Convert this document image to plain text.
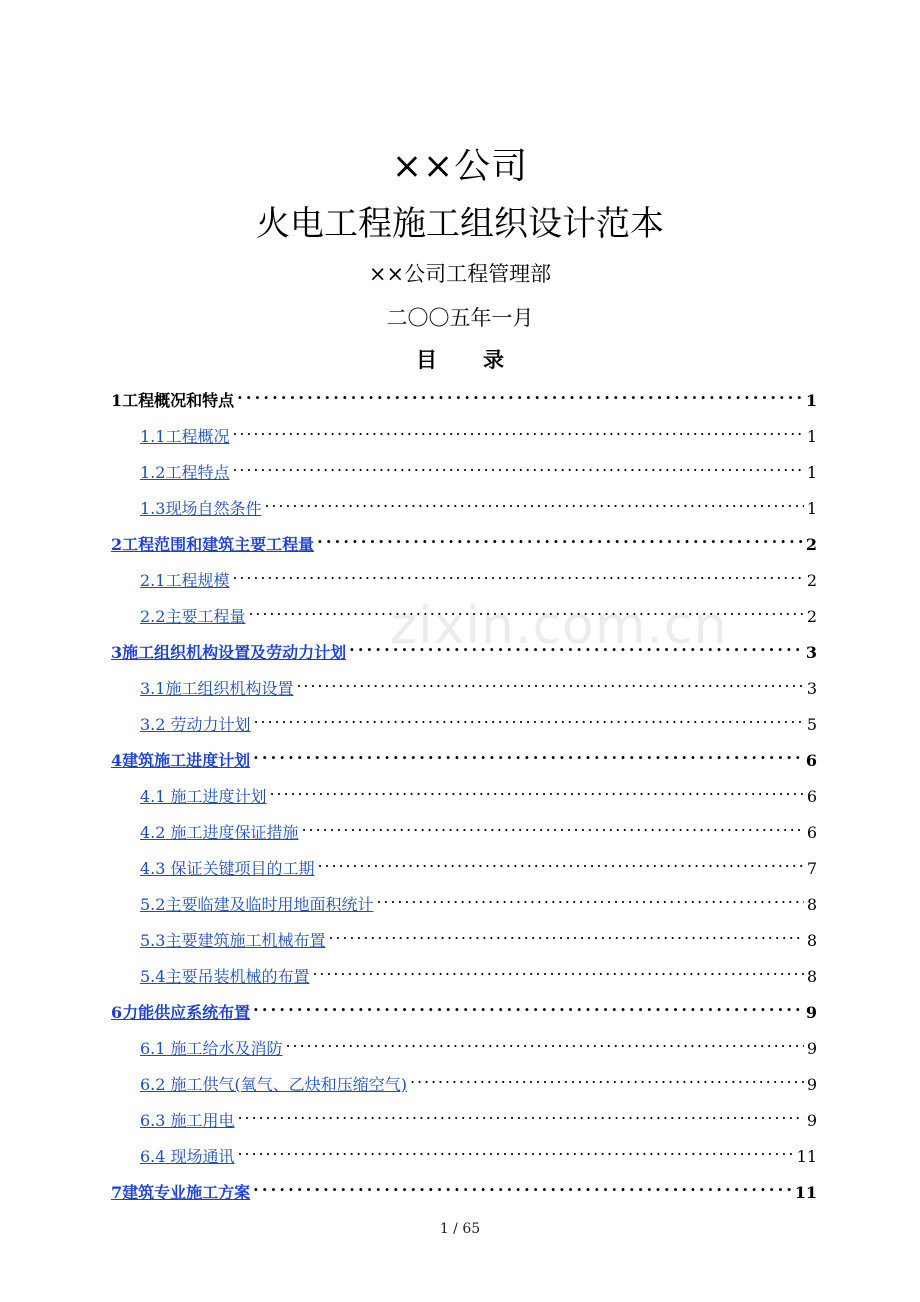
××公司
火电工程施工组织设计范本
××公司工程管理部
二〇〇五年一月
目录
zixin.com.cn
1工程概况和特点 . . .	1
1.1工程概况 . . .	1
1.2工程特点 . . .	1
1.3现场自然条件 . . .	1
2工程范围和建筑主要工程量 . . .	2
2.1工程规模 . . .	2
2.2主要工程量 . . .	2
3施工组织机构设置及劳动力计划 . . .	3
3.1施工组织机构设置 . . .	3
3.2 劳动力计划 . . .	5
4建筑施工进度计划 . . .	6
4.1 施工进度计划 . . .	6
4.2 施工进度保证措施 . . .	6
4.3 保证关键项目的工期 . . .	7
5.2主要临建及临时用地面积统计 . . .	8
5.3主要建筑施工机械布置 . . .	8
5.4主要吊装机械的布置 . . .	8
6力能供应系统布置 . . .	9
6.1 施工给水及消防 . . .	9
6.2 施工供气(氧气、乙炔和压缩空气) . . .	9
6.3 施工用电 . . .	9
6.4 现场通讯 . . .	11
7建筑专业施工方案 . . .	11
1 / 65
